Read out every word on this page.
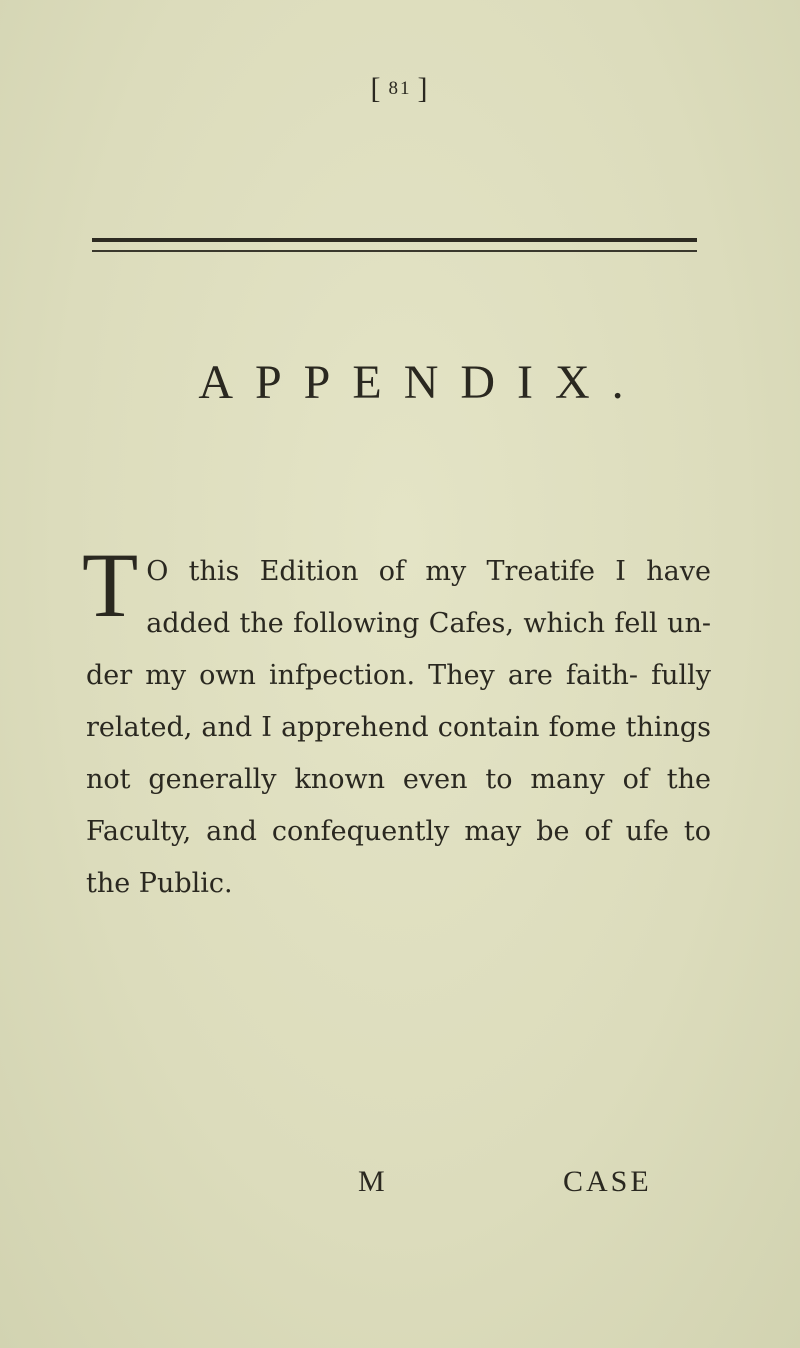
[ 81 ]
APPENDIX.

T O this Edition of my Treatife I have added the following Cafes, which fell un- der my own infpection. They are faith- fully related, and I apprehend contain fome things not generally known even to many of the Faculty, and confequently may be of ufe to the Public.

M	CASE
